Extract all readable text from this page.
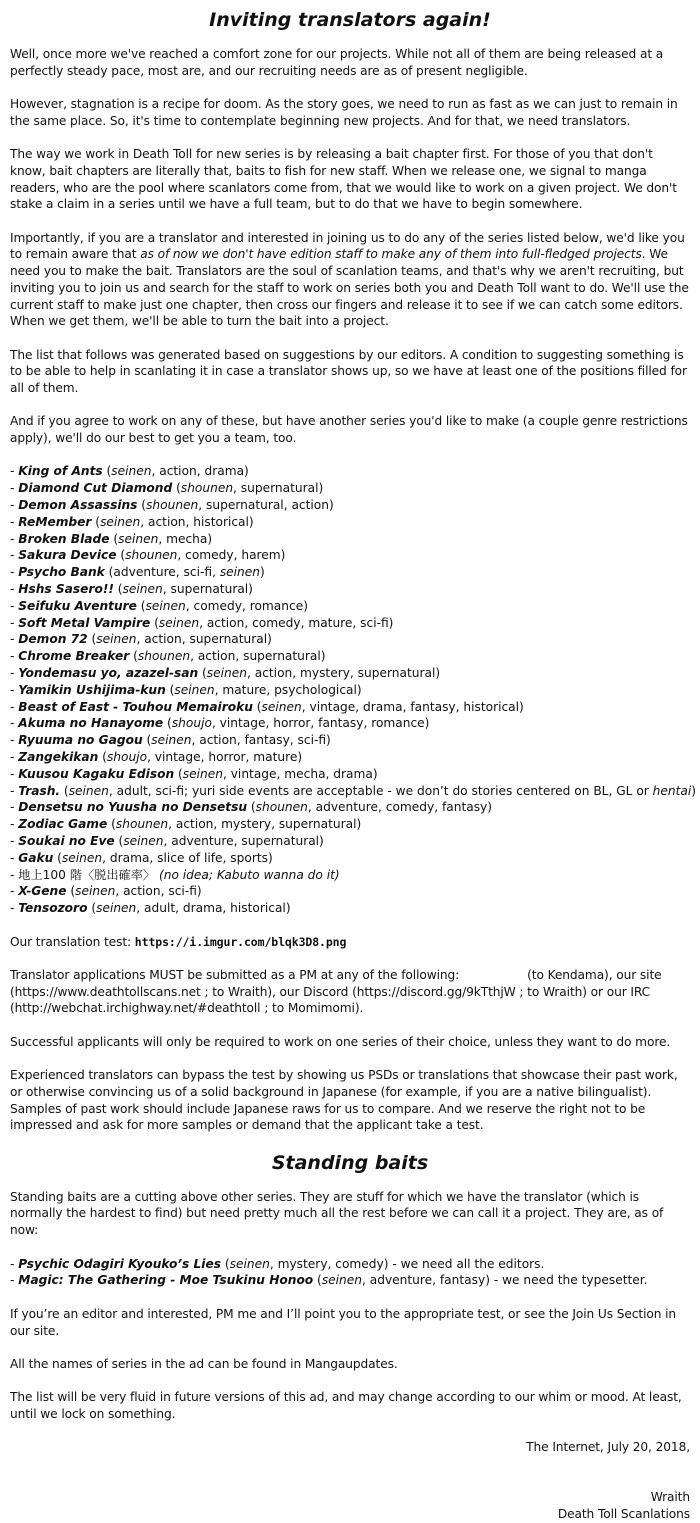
Inviting translators again!

Well, once more we've reached a comfort zone for our projects. While not all of them are being released at a perfectly steady pace, most are, and our recruiting needs are as of present negligible.

However, stagnation is a recipe for doom. As the story goes, we need to run as fast as we can just to remain in the same place. So, it's time to contemplate beginning new projects. And for that, we need translators.

The way we work in Death Toll for new series is by releasing a bait chapter first. For those of you that don't know, bait chapters are literally that, baits to fish for new staff. When we release one, we signal to manga readers, who are the pool where scanlators come from, that we would like to work on a given project. We don't stake a claim in a series until we have a full team, but to do that we have to begin somewhere.

Importantly, if you are a translator and interested in joining us to do any of the series listed below, we'd like you to remain aware that as of now we don't have edition staff to make any of them into full-fledged projects. We need you to make the bait. Translators are the soul of scanlation teams, and that's why we aren't recruiting, but inviting you to join us and search for the staff to work on series both you and Death Toll want to do. We'll use the current staff to make just one chapter, then cross our fingers and release it to see if we can catch some editors. When we get them, we'll be able to turn the bait into a project.

The list that follows was generated based on suggestions by our editors. A condition to suggesting something is to be able to help in scanlating it in case a translator shows up, so we have at least one of the positions filled for all of them.

And if you agree to work on any of these, but have another series you'd like to make (a couple genre restrictions apply), we'll do our best to get you a team, too.

- King of Ants (seinen, action, drama)
- Diamond Cut Diamond (shounen, supernatural)
- Demon Assassins (shounen, supernatural, action)
- ReMember (seinen, action, historical)
- Broken Blade (seinen, mecha)
- Sakura Device (shounen, comedy, harem)
- Psycho Bank (adventure, sci-fi, seinen)
- Hshs Sasero!! (seinen, supernatural)
- Seifuku Aventure (seinen, comedy, romance)
- Soft Metal Vampire (seinen, action, comedy, mature, sci-fi)
- Demon 72 (seinen, action, supernatural)
- Chrome Breaker (shounen, action, supernatural)
- Yondemasu yo, azazel-san (seinen, action, mystery, supernatural)
- Yamikin Ushijima-kun (seinen, mature, psychological)
- Beast of East - Touhou Memairoku (seinen, vintage, drama, fantasy, historical)
- Akuma no Hanayome (shoujo, vintage, horror, fantasy, romance)
- Ryuuma no Gagou (seinen, action, fantasy, sci-fi)
- Zangekikan (shoujo, vintage, horror, mature)
- Kuusou Kagaku Edison (seinen, vintage, mecha, drama)
- Trash. (seinen, adult, sci-fi; yuri side events are acceptable - we don’t do stories centered on BL, GL or hentai)
- Densetsu no Yuusha no Densetsu (shounen, adventure, comedy, fantasy)
- Zodiac Game (shounen, action, mystery, supernatural)
- Soukai no Eve (seinen, adventure, supernatural)
- Gaku (seinen, drama, slice of life, sports)
- 地上100 階〈脱出確率〉 (no idea; Kabuto wanna do it)
- X-Gene (seinen, action, sci-fi)
- Tensozoro (seinen, adult, drama, historical)

Our translation test: https://i.imgur.com/blqk3D8.png

Translator applications MUST be submitted as a PM at any of the following:	(to Kendama), our site (https://www.deathtollscans.net ; to Wraith), our Discord (https://discord.gg/9kTthjW ; to Wraith) or our IRC (http://webchat.irchighway.net/#deathtoll ; to Momimomi).

Successful applicants will only be required to work on one series of their choice, unless they want to do more.

Experienced translators can bypass the test by showing us PSDs or translations that showcase their past work, or otherwise convincing us of a solid background in Japanese (for example, if you are a native bilingualist). Samples of past work should include Japanese raws for us to compare. And we reserve the right not to be impressed and ask for more samples or demand that the applicant take a test.

Standing baits

Standing baits are a cutting above other series. They are stuff for which we have the translator (which is normally the hardest to find) but need pretty much all the rest before we can call it a project. They are, as of now:

- Psychic Odagiri Kyouko’s Lies (seinen, mystery, comedy) - we need all the editors.
- Magic: The Gathering - Moe Tsukinu Honoo (seinen, adventure, fantasy) - we need the typesetter.

If you’re an editor and interested, PM me and I’ll point you to the appropriate test, or see the Join Us Section in our site.

All the names of series in the ad can be found in Mangaupdates.

The list will be very fluid in future versions of this ad, and may change according to our whim or mood. At least, until we lock on something.

The Internet, July 20, 2018,

Wraith

Death Toll Scanlations
